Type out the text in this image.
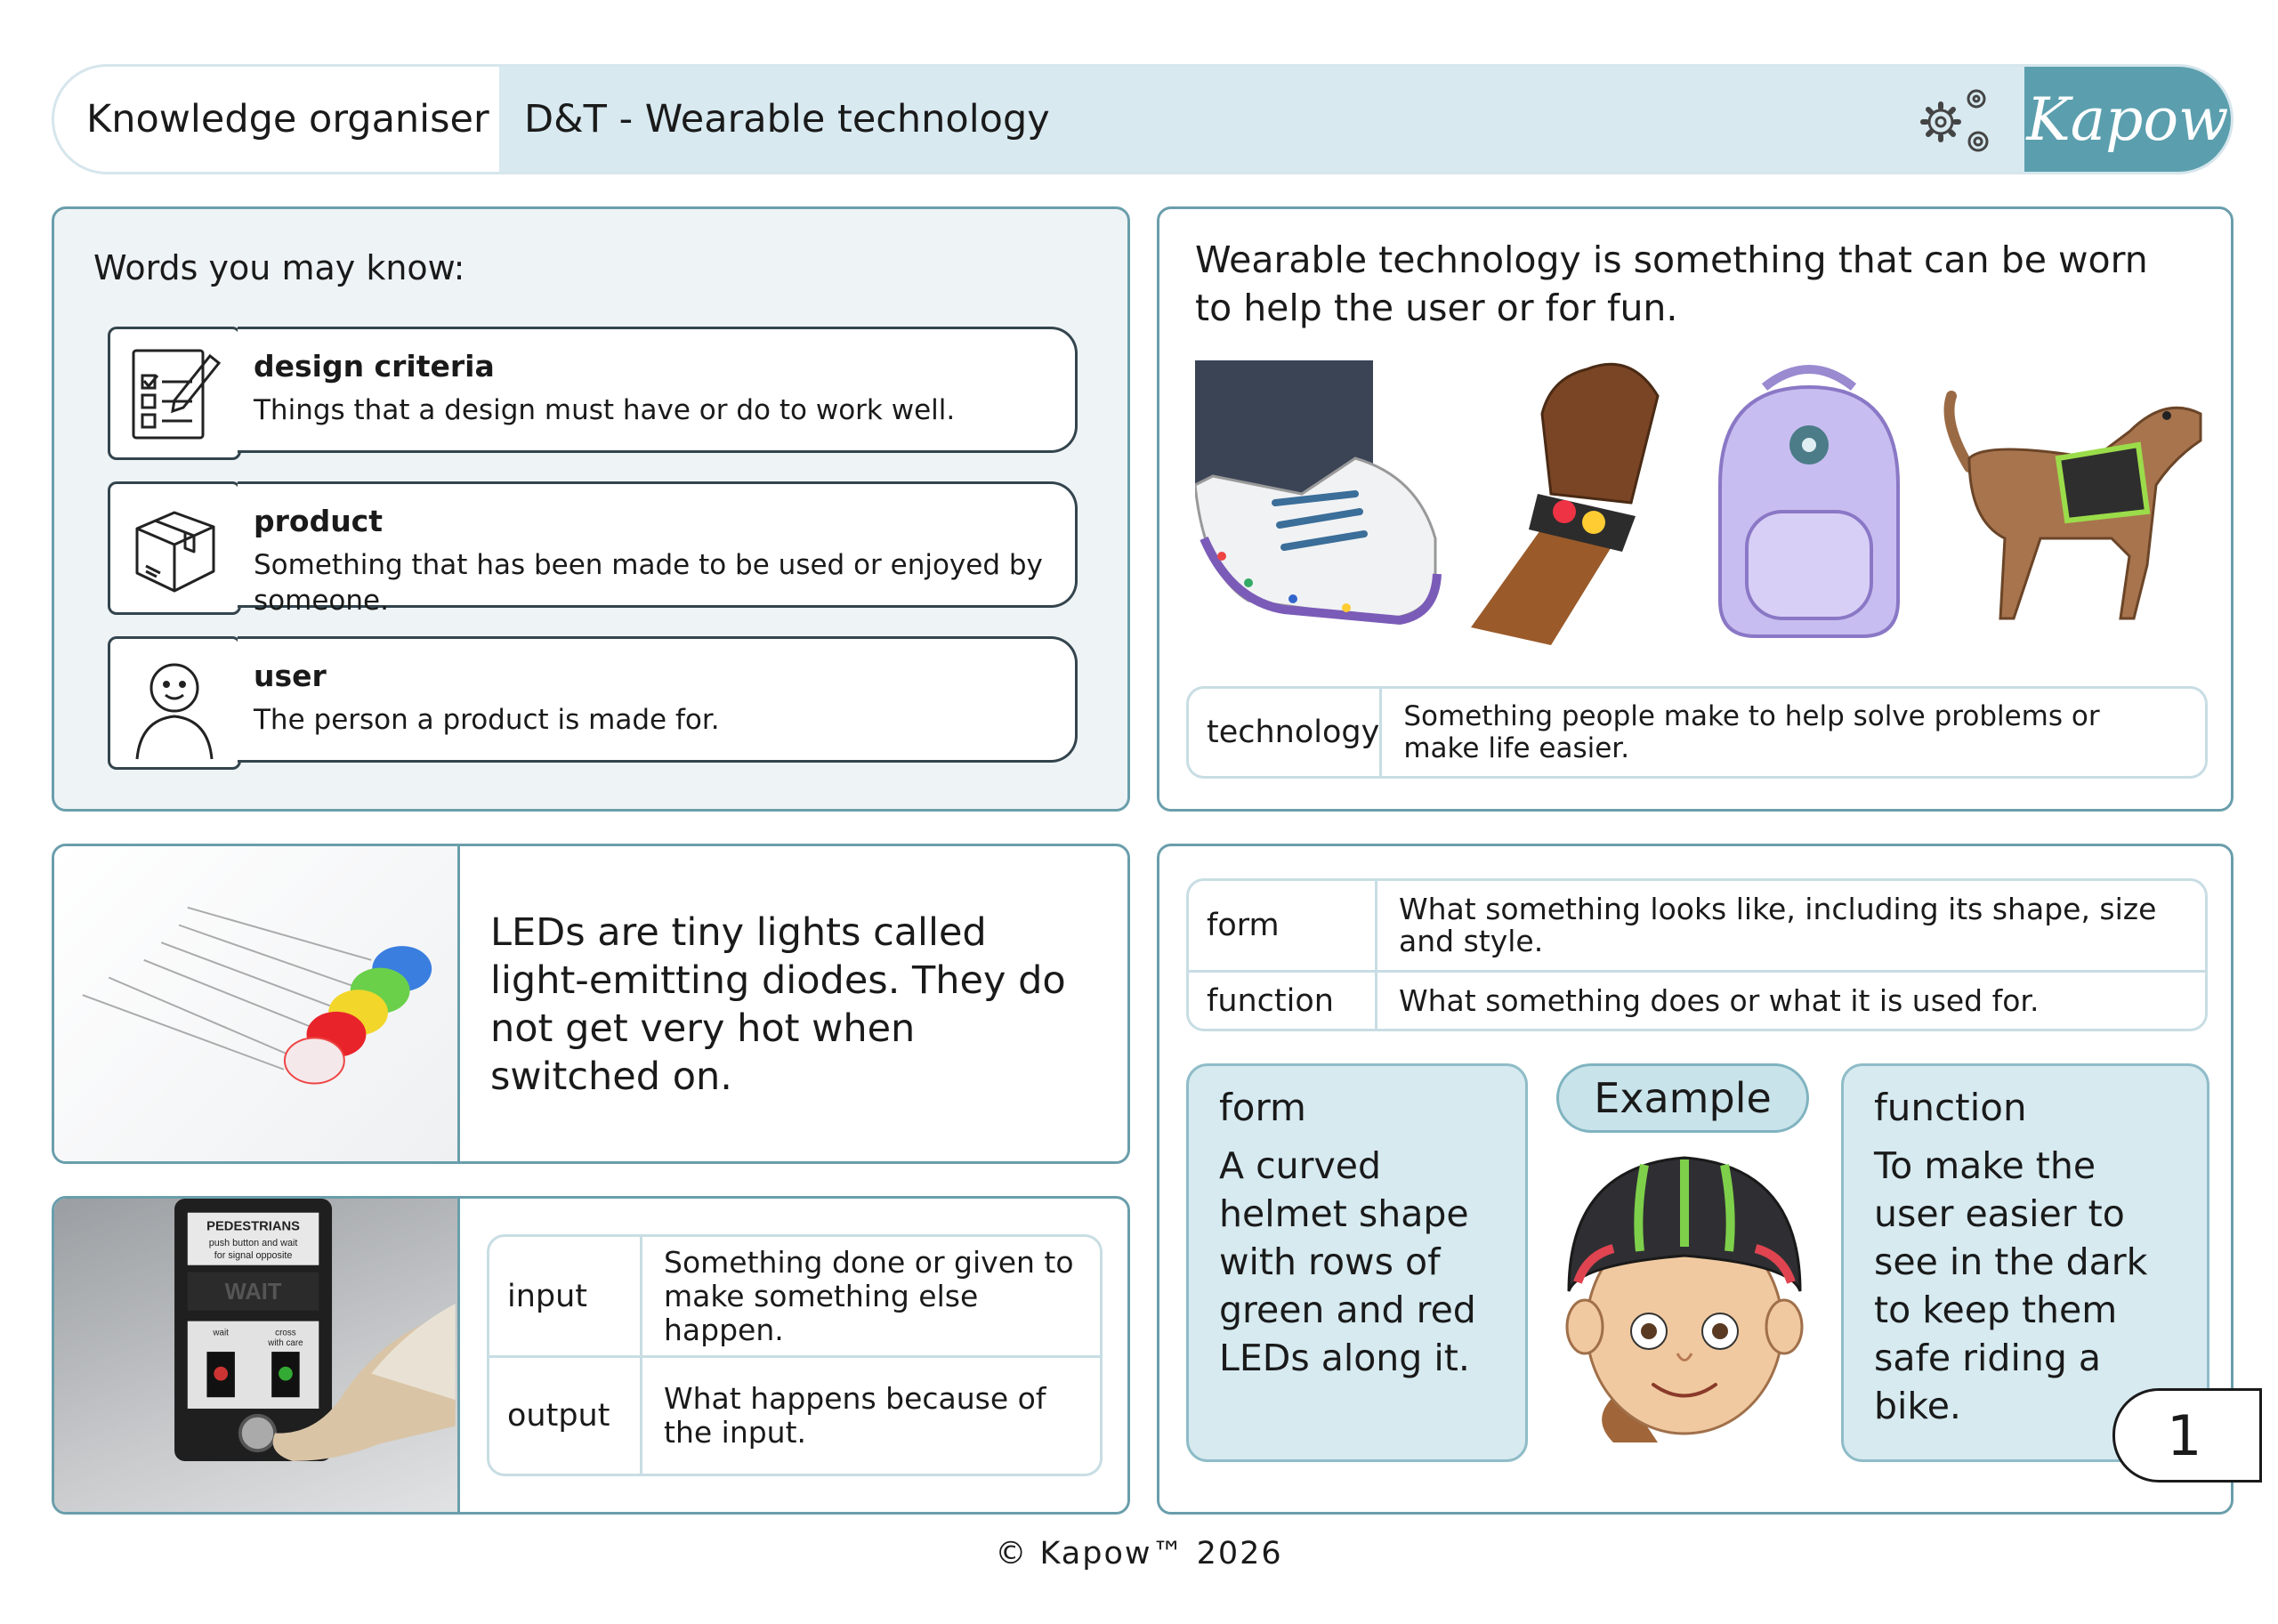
Knowledge organiser D&T - Wearable technology	Kapow
Words you may know:
design criteria
Things that a design must have or do to work well.
product
Something that has been made to be used or enjoyed by someone.
user
The person a product is made for.
Wearable technology is something that can be worn to help the user or for fun.
technology Something people make to help solve problems or make life easier.
LEDs are tiny lights called light-emitting diodes. They do not get very hot when switched on.
PEDESTRIANS
push button and wait
for signal opposite
WAIT
wait	cross
with care
input
Something done or given to make something else happen.
output	What happens because of the input.
form	What something looks like, including its shape, size and style.
function	What something does or what it is used for.
form
A curved helmet shape with rows of green and red LEDs along it.
Example	function
To make the user easier to see in the dark to keep them safe riding a bike.	1
© Kapow™ 2026
